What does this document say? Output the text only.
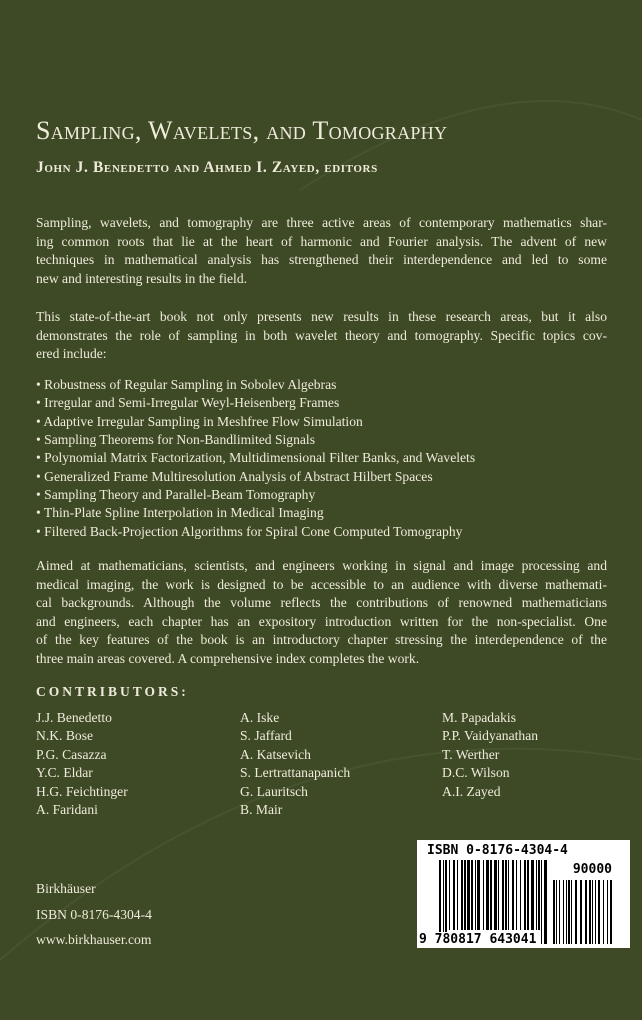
Sampling, Wavelets, and Tomography
John J. Benedetto and Ahmed I. Zayed, editors
Sampling, wavelets, and tomography are three active areas of contemporary mathematics shar-
ing common roots that lie at the heart of harmonic and Fourier analysis. The advent of new
techniques in mathematical analysis has strengthened their interdependence and led to some
new and interesting results in the field.
This state-of-the-art book not only presents new results in these research areas, but it also
demonstrates the role of sampling in both wavelet theory and tomography. Specific topics cov-
ered include:
• Robustness of Regular Sampling in Sobolev Algebras
• Irregular and Semi-Irregular Weyl-Heisenberg Frames
• Adaptive Irregular Sampling in Meshfree Flow Simulation
• Sampling Theorems for Non-Bandlimited Signals
• Polynomial Matrix Factorization, Multidimensional Filter Banks, and Wavelets
• Generalized Frame Multiresolution Analysis of Abstract Hilbert Spaces
• Sampling Theory and Parallel-Beam Tomography
• Thin-Plate Spline Interpolation in Medical Imaging
• Filtered Back-Projection Algorithms for Spiral Cone Computed Tomography
Aimed at mathematicians, scientists, and engineers working in signal and image processing and
medical imaging, the work is designed to be accessible to an audience with diverse mathemati-
cal backgrounds. Although the volume reflects the contributions of renowned mathematicians
and engineers, each chapter has an expository introduction written for the non-specialist. One
of the key features of the book is an introductory chapter stressing the interdependence of the
three main areas covered. A comprehensive index completes the work.
CONTRIBUTORS:
J.J. Benedetto
N.K. Bose
P.G. Casazza
Y.C. Eldar
H.G. Feichtinger
A. Faridani
A. Iske
S. Jaffard
A. Katsevich
S. Lertrattanapanich
G. Lauritsch
B. Mair
M. Papadakis
P.P. Vaidyanathan
T. Werther
D.C. Wilson
A.I. Zayed
Birkhäuser
ISBN 0-8176-4304-4
www.birkhauser.com
ISBN 0-8176-4304-4
90000
9 780817 643041
